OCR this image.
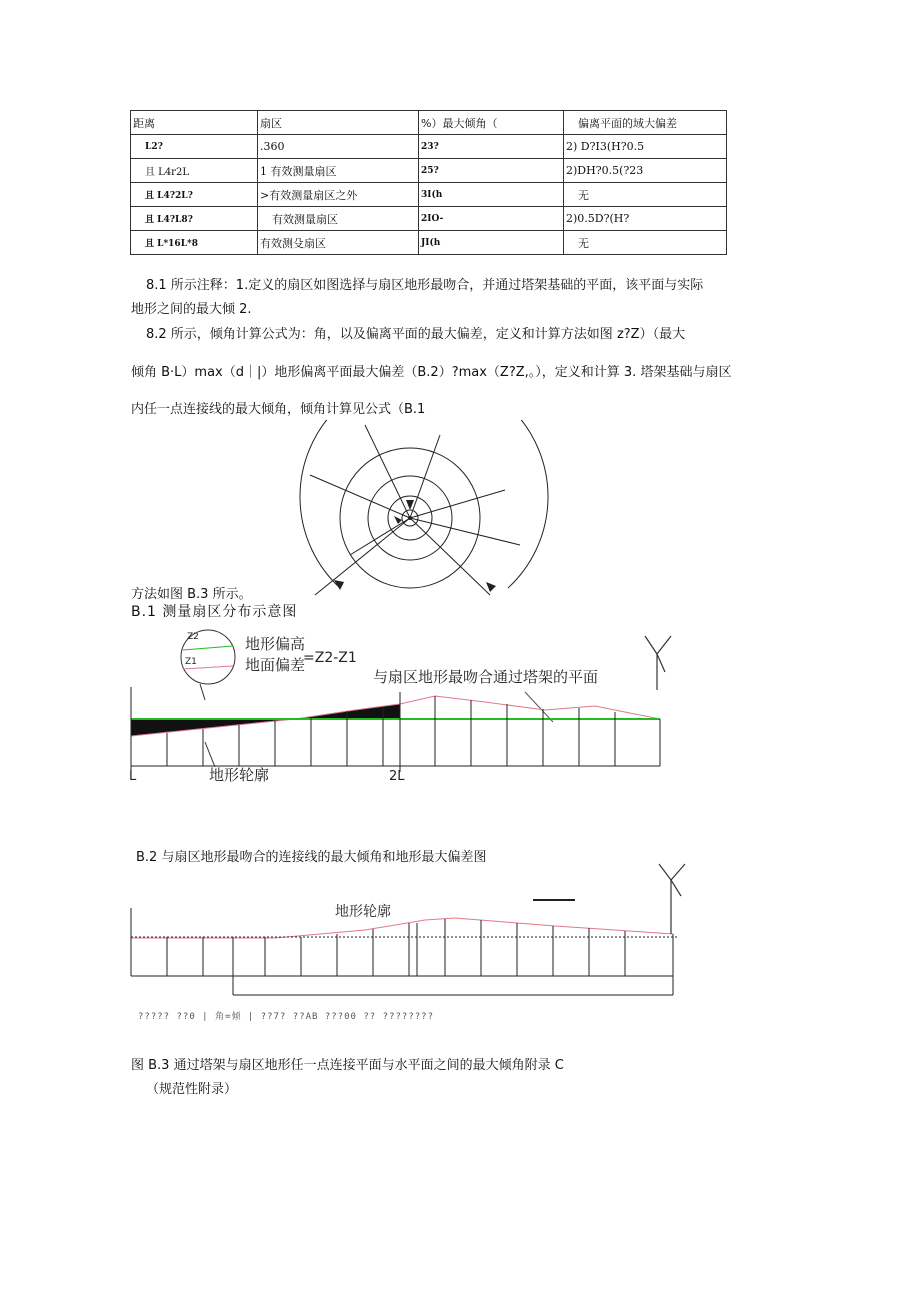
距离	扇区	%）最大倾角（	偏离平面的域大偏差
L2?	.360	23?	2) D?I3(H?0.5
且 L4r2L	1 有效测量扇区	25?	2)DH?0.5(?23
且 L4?2L?	>有效测量扇区之外	3I(h	无
且 L4?L8?	有效测量扇区	2IO-	2)0.5D?(H?
且 L*16L*8	有效测殳扇区	JI(h	无
8.1 所示注释：1.定义的扇区如图选择与扇区地形最吻合，并通过塔架基础的平面，该平面与实际
地形之间的最大倾 2.
8.2 所示，倾角计算公式为：角，以及偏离平面的最大偏差，定义和计算方法如图 z?Z）（最大
倾角 B·L）max（d｜|）地形偏离平面最大偏差（B.2）?max（Z?Z,。），定义和计算 3. 塔架基础与扇区
内任一点连接线的最大倾角，倾角计算见公式（B.1
方法如图 B.3 所示。
B.1 测量扇区分布示意图
Z2
Z1
地形偏高
地面偏差
=Z2-Z1
与扇区地形最吻合通过塔架的平面
L	地形轮廓	2L
B.2 与扇区地形最吻合的连接线的最大倾角和地形最大偏差图
地形轮廓
????? ??0 | 角=倾 | ??7? ??AB ???00 ?? ????????
图 B.3 通过塔架与扇区地形任一点连接平面与水平面之间的最大倾角附录 C
（规范性附录）
